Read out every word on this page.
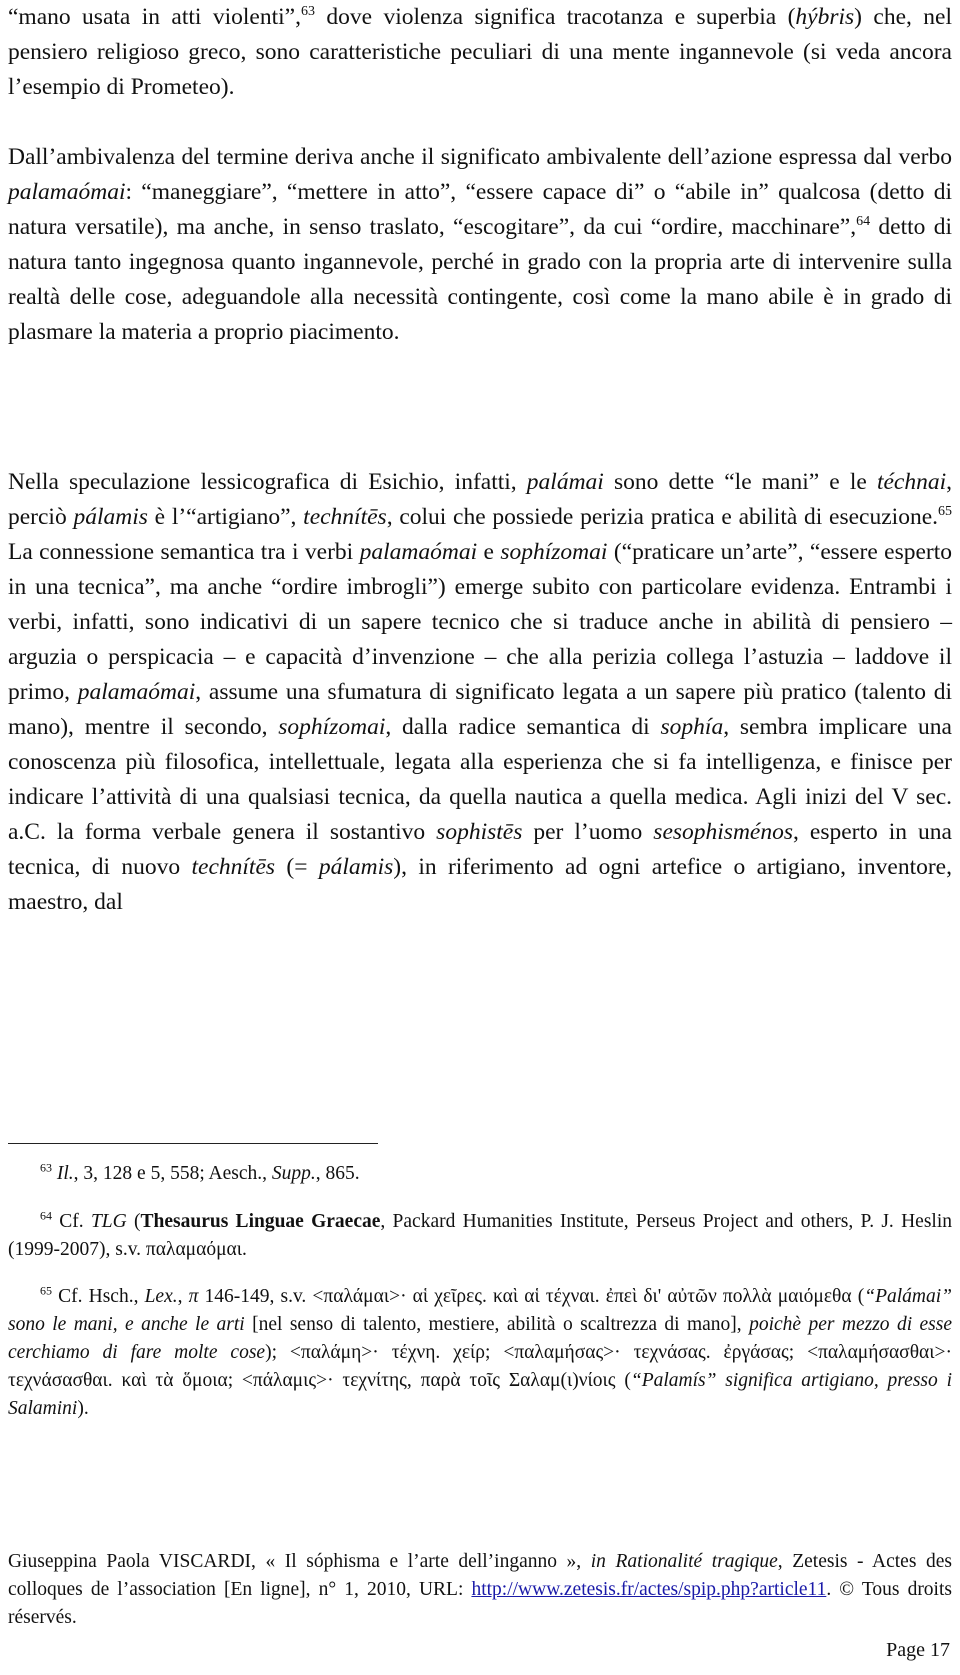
“mano usata in atti violenti”,$^{63}$ dove violenza significa tracotanza e superbia (hýbris) che, nel pensiero religioso greco, sono caratteristiche peculiari di una mente ingannevole (si veda ancora l’esempio di Prometeo).

Dall’ambivalenza del termine deriva anche il significato ambivalente dell’azione espressa dal verbo palamaómai: “maneggiare”, “mettere in atto”, “essere capace di” o “abile in” qualcosa (detto di natura versatile), ma anche, in senso traslato, “escogitare”, da cui “ordire, macchinare”,$^{64}$ detto di natura tanto ingegnosa quanto ingannevole, perché in grado con la propria arte di intervenire sulla realtà delle cose, adeguandole alla necessità contingente, così come la mano abile è in grado di plasmare la materia a proprio piacimento.

Nella speculazione lessicografica di Esichio, infatti, palámai sono dette “le mani” e le téchnai, perciò pálamis è l’“artigiano”, technítēs, colui che possiede perizia pratica e abilità di esecuzione.$^{65}$ La connessione semantica tra i verbi palamaómai e sophízomai (“praticare un’arte”, “essere esperto in una tecnica”, ma anche “ordire imbrogli”) emerge subito con particolare evidenza. Entrambi i verbi, infatti, sono indicativi di un sapere tecnico che si traduce anche in abilità di pensiero – arguzia o perspicacia – e capacità d’invenzione – che alla perizia collega l’astuzia – laddove il primo, palamaómai, assume una sfumatura di significato legata a un sapere più pratico (talento di mano), mentre il secondo, sophízomai, dalla radice semantica di sophía, sembra implicare una conoscenza più filosofica, intellettuale, legata alla esperienza che si fa intelligenza, e finisce per indicare l’attività di una qualsiasi tecnica, da quella nautica a quella medica. Agli inizi del V sec. a.C. la forma verbale genera il sostantivo sophistēs per l’uomo sesophisménos, esperto in una tecnica, di nuovo technítēs (= pálamis), in riferimento ad ogni artefice o artigiano, inventore, maestro, dal

$^{63}$ Il., 3, 128 e 5, 558; Aesch., Supp., 865.
$^{64}$ Cf. TLG (Thesaurus Linguae Graecae, Packard Humanities Institute, Perseus Project and others, P. J. Heslin (1999-2007), s.v. παλαμαόμαι.
$^{65}$ Cf. Hsch., Lex., π 146-149, s.v. <παλάμαι>· αἱ χεῖρες. καὶ αἱ τέχναι. ἐπεὶ δι' αὐτῶν πολλὰ μαιόμεθα (“Palámai” sono le mani, e anche le arti [nel senso di talento, mestiere, abilità o scaltrezza di mano], poichè per mezzo di esse cerchiamo di fare molte cose); <παλάμη>· τέχνη. χείρ; <παλαμήσας>· τεχνάσας. ἐργάσας; <παλαμήσασθαι>· τεχνάσασθαι. καὶ τὰ ὅμοια; <πάλαμις>· τεχνίτης, παρὰ τοῖς Σαλαμ(ι)νίοις (“Palamís” significa artigiano, presso i Salamini).
Giuseppina Paola VISCARDI, « Il sóphisma e l’arte dell’inganno », in Rationalité tragique, Zetesis - Actes des colloques de l’association [En ligne], n° 1, 2010, URL: http://www.zetesis.fr/actes/spip.php?article11. © Tous droits réservés.
Page 17
